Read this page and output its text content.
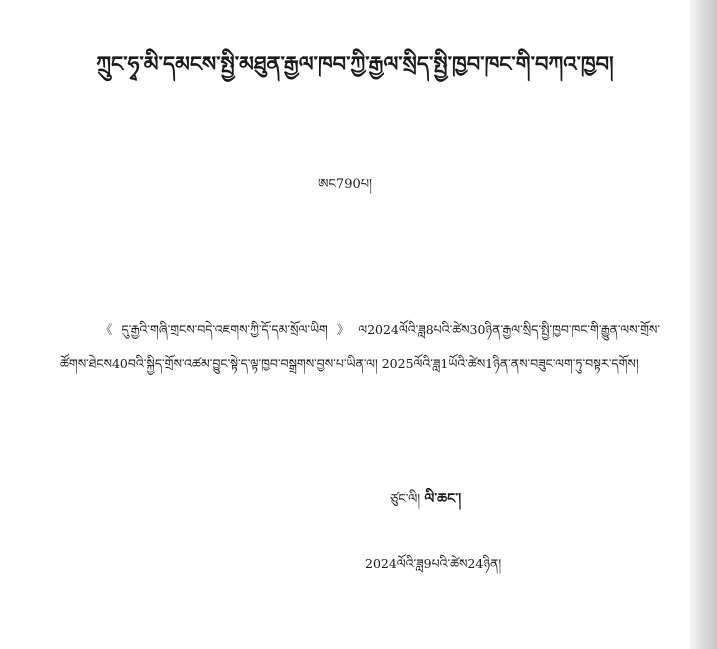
ཀྲུང་ཧྭ་མི་དམངས་སྤྱི་མཐུན་རྒྱལ་ཁབ་ཀྱི་རྒྱལ་སྲིད་སྤྱི་ཁྱབ་ཁང་གི་བཀའ་ཁྱབ།
ཨང790པ།
《དུ་རྒྱའི་གཞི་གྲངས་བདེ་འཇགས་ཀྱི་དོ་དམ་སྲོལ་ཡིག》ལ2024ལོའི་ཟླ8པའི་ཚེས30ཉིན་རྒྱལ་སྲིད་སྤྱི་ཁྱབ་ཁང་གི་རྒྱུན་ལས་གྲོས་ཚོགས་ཐེངས40བའི་སྐྱིད་གྲོས་འཚམ་བྱུང་སྟེ་ད་ལྟ་ཁྱབ་བསྒྲགས་བྱས་པ་ཡིན་ལ། 2025ལོའི་ཟླ1ཡོའི་ཚེས1ཉིན་ནས་བཟུང་ལག་ཏུ་བསྟར་དགོས།
ཙུང་ལི། ལི་ཆང་།
2024ལོའི་ཟླ9པའི་ཚེས24ཉིན།
